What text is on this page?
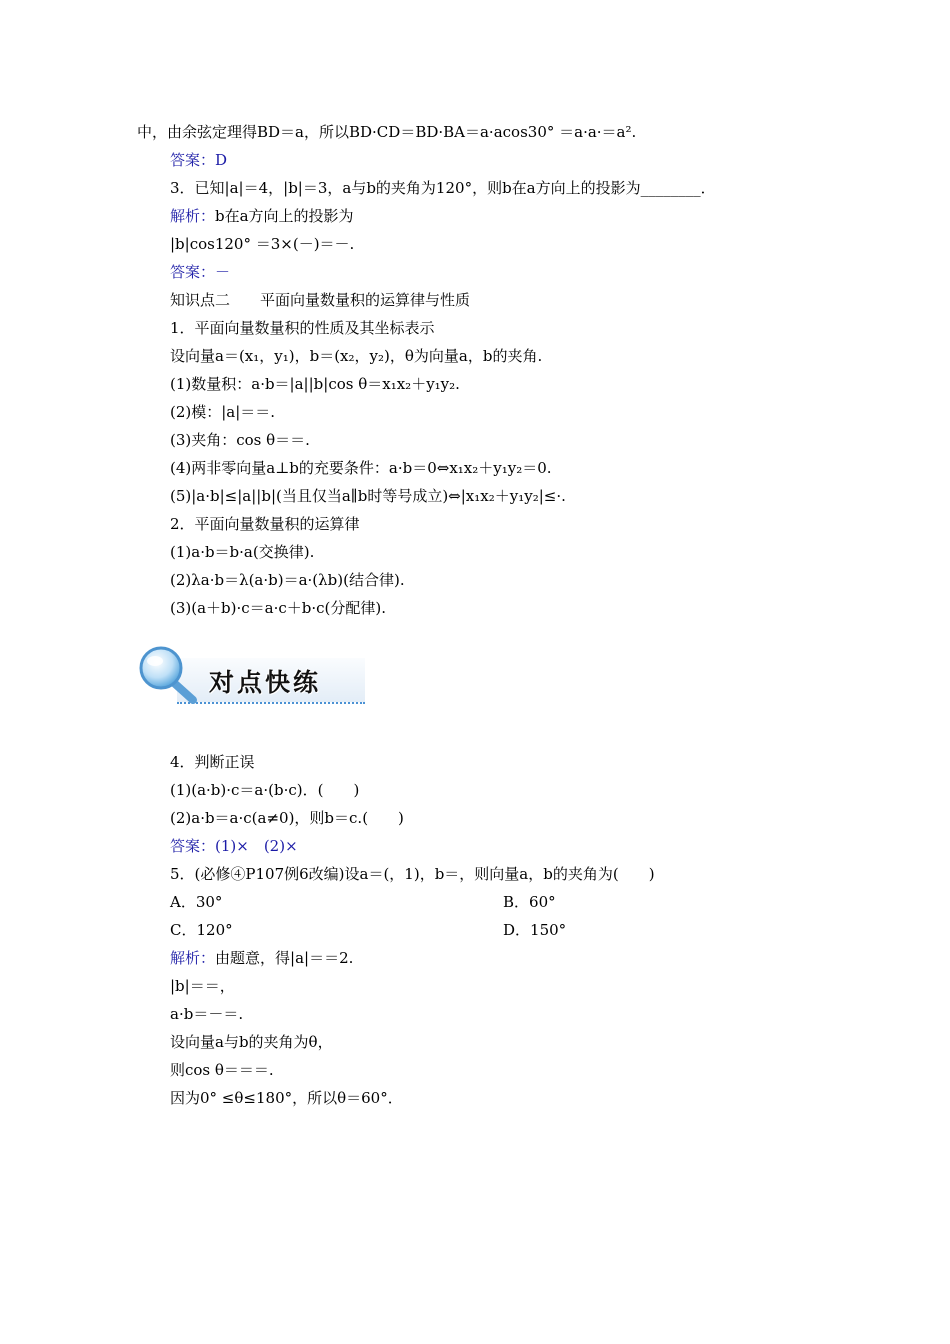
中，由余弦定理得BD＝a，所以BD·CD＝BD·BA＝a·acos30° ＝a·a·＝a².
答案：D
3．已知|a|＝4，|b|＝3，a与b的夹角为120°，则b在a方向上的投影为________．
解析：b在a方向上的投影为
|b|cos120° ＝3×(－)＝－.
答案：－
知识点二　　平面向量数量积的运算律与性质
1．平面向量数量积的性质及其坐标表示
设向量a＝(x₁，y₁)，b＝(x₂，y₂)，θ为向量a，b的夹角.
(1)数量积：a·b＝|a||b|cos θ＝x₁x₂＋y₁y₂.
(2)模：|a|＝＝.
(3)夹角：cos θ＝＝.
(4)两非零向量a⊥b的充要条件：a·b＝0⇔x₁x₂＋y₁y₂＝0.
(5)|a·b|≤|a||b|(当且仅当a∥b时等号成立)⇔|x₁x₂＋y₁y₂|≤·.
2．平面向量数量积的运算律
(1)a·b＝b·a(交换律).
(2)λa·b＝λ(a·b)＝a·(λb)(结合律).
(3)(a＋b)·c＝a·c＋b·c(分配律).
对点快练
4．判断正误
(1)(a·b)·c＝a·(b·c)．(　　)
(2)a·b＝a·c(a≠0)，则b＝c.(　　)
答案：(1)×　(2)×
5．(必修④P107例6改编)设a＝(，1)，b＝，则向量a，b的夹角为(　　)
A．30°	B．60°
C．120°	D．150°
解析：由题意，得|a|＝＝2.
|b|＝＝，
a·b＝－＝.
设向量a与b的夹角为θ，
则cos θ＝＝＝.
因为0° ≤θ≤180°，所以θ＝60°．
